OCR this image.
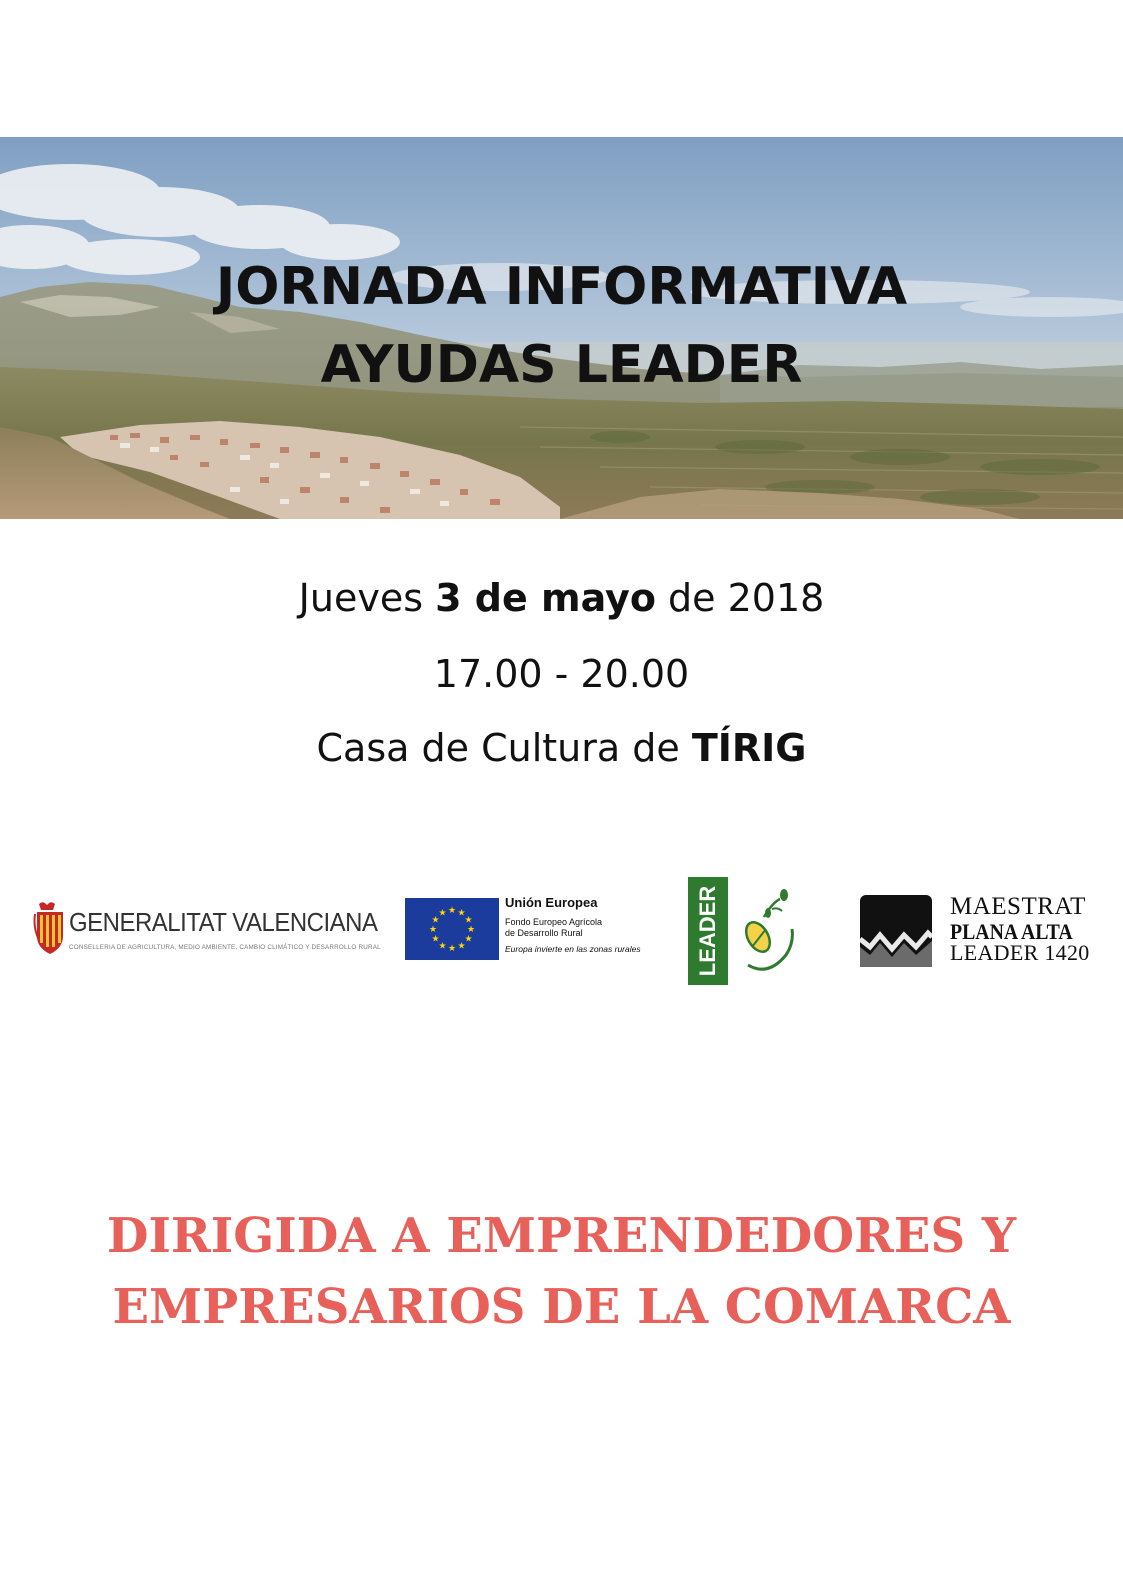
JORNADA INFORMATIVA
AYUDAS LEADER
Jueves 3 de mayo de 2018
17.00 - 20.00
Casa de Cultura de TÍRIG
GENERALITAT VALENCIANA
CONSELLERIA DE AGRICULTURA, MEDIO AMBIENTE, CAMBIO CLIMÁTICO Y DESARROLLO RURAL
★ ★
★
★
★
★
★
★
★
★
★
★
Unión Europea
Fondo Europeo Agrícola
de Desarrollo Rural
Europa invierte en las zonas rurales LEADER	MAESTRAT
PLANA ALTA
LEADER 1420
DIRIGIDA A EMPRENDEDORES Y
EMPRESARIOS DE LA COMARCA
